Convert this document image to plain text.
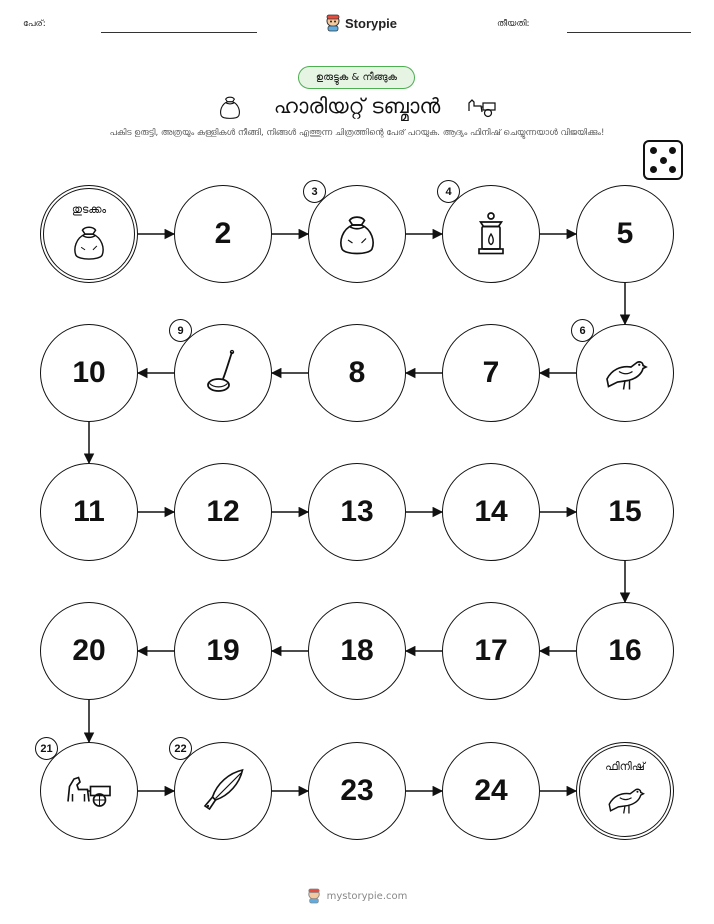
പേര്:	Storypie	തീയതി:
ഉരുട്ടുക & നീങ്ങുക
ഹാരിയറ്റ് ടബ്മാൻ
പകിട ഉരുട്ടി, അത്രയും കള്ളികൾ നീങ്ങി, നിങ്ങൾ എത്തുന്ന ചിത്രത്തിന്റെ പേര് പറയുക. ആദ്യം ഫിനിഷ് ചെയ്യുന്നയാൾ വിജയിക്കും!
തുടക്കം
2
3	4
5
6
7
8
9
10
11	12	13	14	15
16
17
18
19
20
21	22
23	24
ഫിനിഷ്
mystorypie.com
